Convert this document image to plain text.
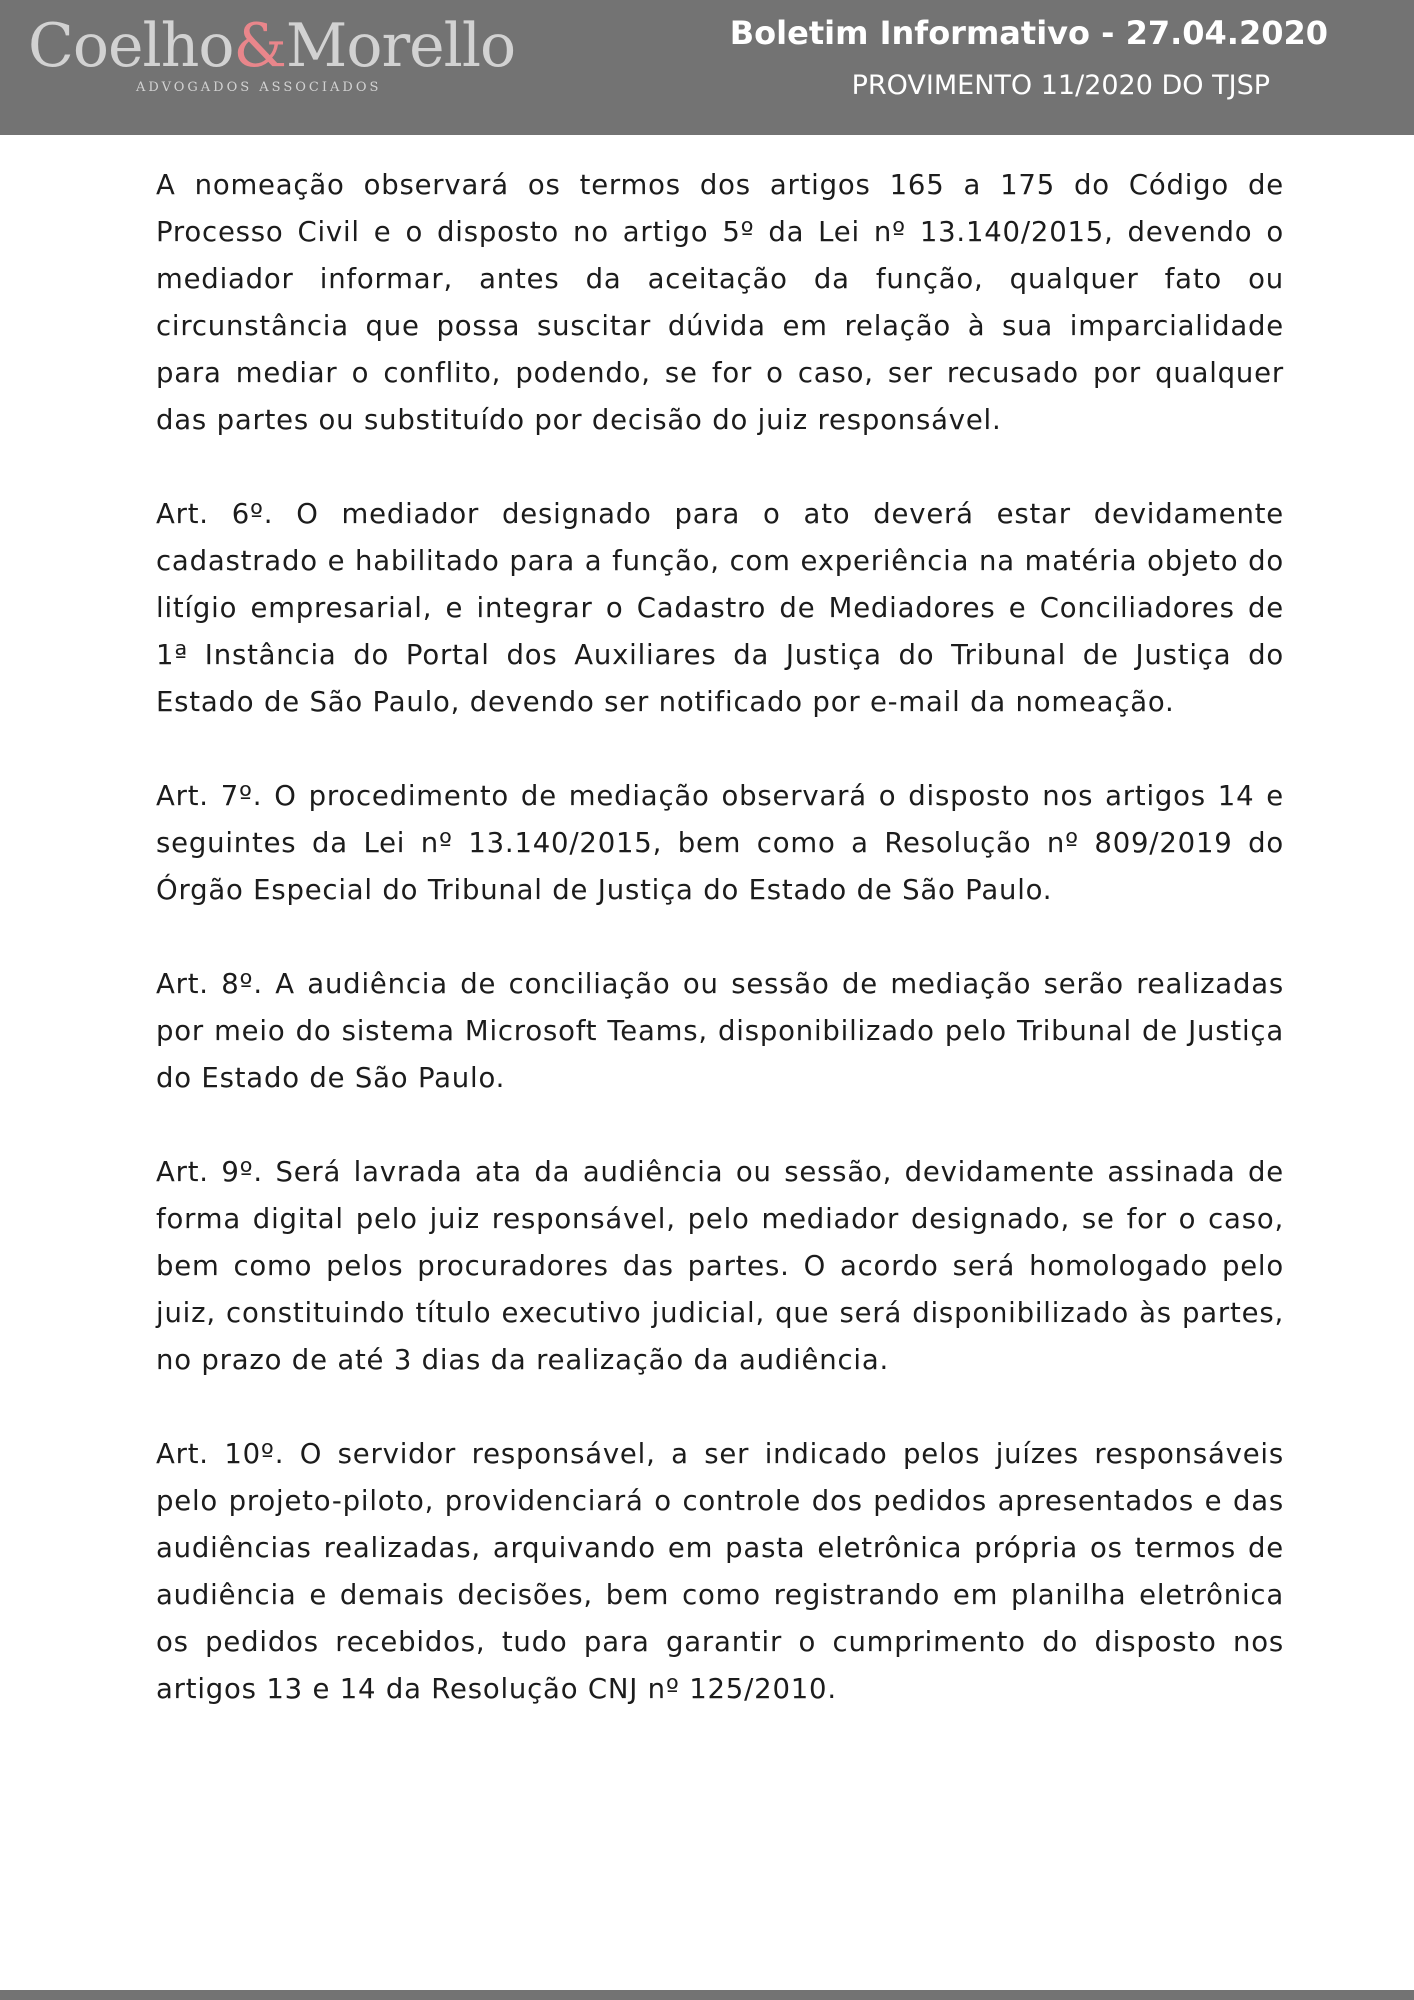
Coelho&Morello
ADVOGADOS ASSOCIADOS
Boletim Informativo - 27.04.2020
PROVIMENTO 11/2020 DO TJSP

A nomeação observará os termos dos artigos 165 a 175 do Código de Processo Civil e o disposto no artigo 5º da Lei nº 13.140/2015, devendo o mediador informar, antes da aceitação da função, qualquer fato ou circunstância que possa suscitar dúvida em relação à sua imparcialidade para mediar o conflito, podendo, se for o caso, ser recusado por qualquer das partes ou substituído por decisão do juiz responsável.

Art. 6º. O mediador designado para o ato deverá estar devidamente cadastrado e habilitado para a função, com experiência na matéria objeto do litígio empresarial, e integrar o Cadastro de Mediadores e Conciliadores de 1ª Instância do Portal dos Auxiliares da Justiça do Tribunal de Justiça do Estado de São Paulo, devendo ser notificado por e-mail da nomeação.

Art. 7º. O procedimento de mediação observará o disposto nos artigos 14 e seguintes da Lei nº 13.140/2015, bem como a Resolução nº 809/2019 do Órgão Especial do Tribunal de Justiça do Estado de São Paulo.

Art. 8º. A audiência de conciliação ou sessão de mediação serão realizadas por meio do sistema Microsoft Teams, disponibilizado pelo Tribunal de Justiça do Estado de São Paulo.

Art. 9º. Será lavrada ata da audiência ou sessão, devidamente assinada de forma digital pelo juiz responsável, pelo mediador designado, se for o caso, bem como pelos procuradores das partes. O acordo será homologado pelo juiz, constituindo título executivo judicial, que será disponibilizado às partes, no prazo de até 3 dias da realização da audiência.

Art. 10º. O servidor responsável, a ser indicado pelos juízes responsáveis pelo projeto-piloto, providenciará o controle dos pedidos apresentados e das audiências realizadas, arquivando em pasta eletrônica própria os termos de audiência e demais decisões, bem como registrando em planilha eletrônica os pedidos recebidos, tudo para garantir o cumprimento do disposto nos artigos 13 e 14 da Resolução CNJ nº 125/2010.
